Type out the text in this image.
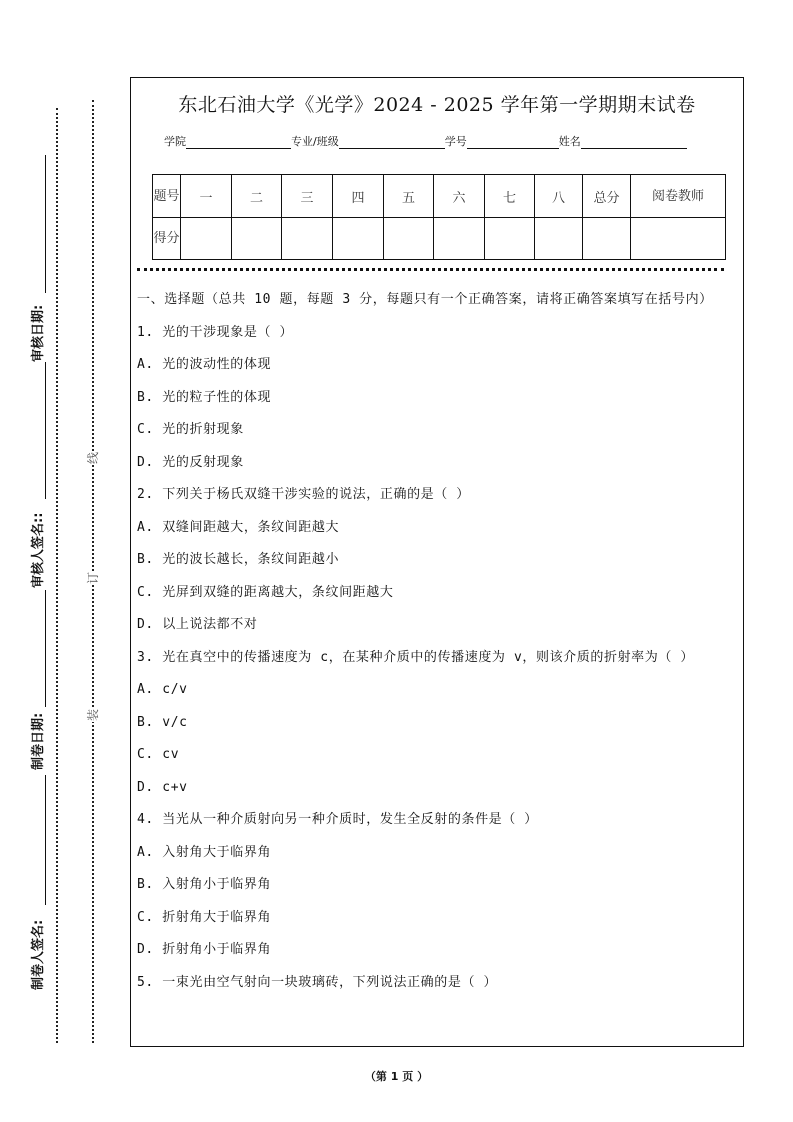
审核日期:
审核人签名::
制卷日期:
制卷人签名:
线
订
装
东北石油大学《光学》2024 - 2025 学年第一学期期末试卷
学院	专业/班级	学号	姓名
题号	一	二	三	四	五	六	七	八	总分	阅卷教师
得分										

一、选择题（总共 10 题，每题 3 分，每题只有一个正确答案，请将正确答案填写在括号内）

1. 光的干涉现象是（ ）

A. 光的波动性的体现

B. 光的粒子性的体现

C. 光的折射现象

D. 光的反射现象

2. 下列关于杨氏双缝干涉实验的说法，正确的是（ ）

A. 双缝间距越大，条纹间距越大

B. 光的波长越长，条纹间距越小

C. 光屏到双缝的距离越大，条纹间距越大

D. 以上说法都不对

3. 光在真空中的传播速度为 c，在某种介质中的传播速度为 v，则该介质的折射率为（ ）

A. c/v

B. v/c

C. cv

D. c+v

4. 当光从一种介质射向另一种介质时，发生全反射的条件是（ ）

A. 入射角大于临界角

B. 入射角小于临界角

C. 折射角大于临界角

D. 折射角小于临界角

5. 一束光由空气射向一块玻璃砖，下列说法正确的是（ ）

（第 1 页 ）
